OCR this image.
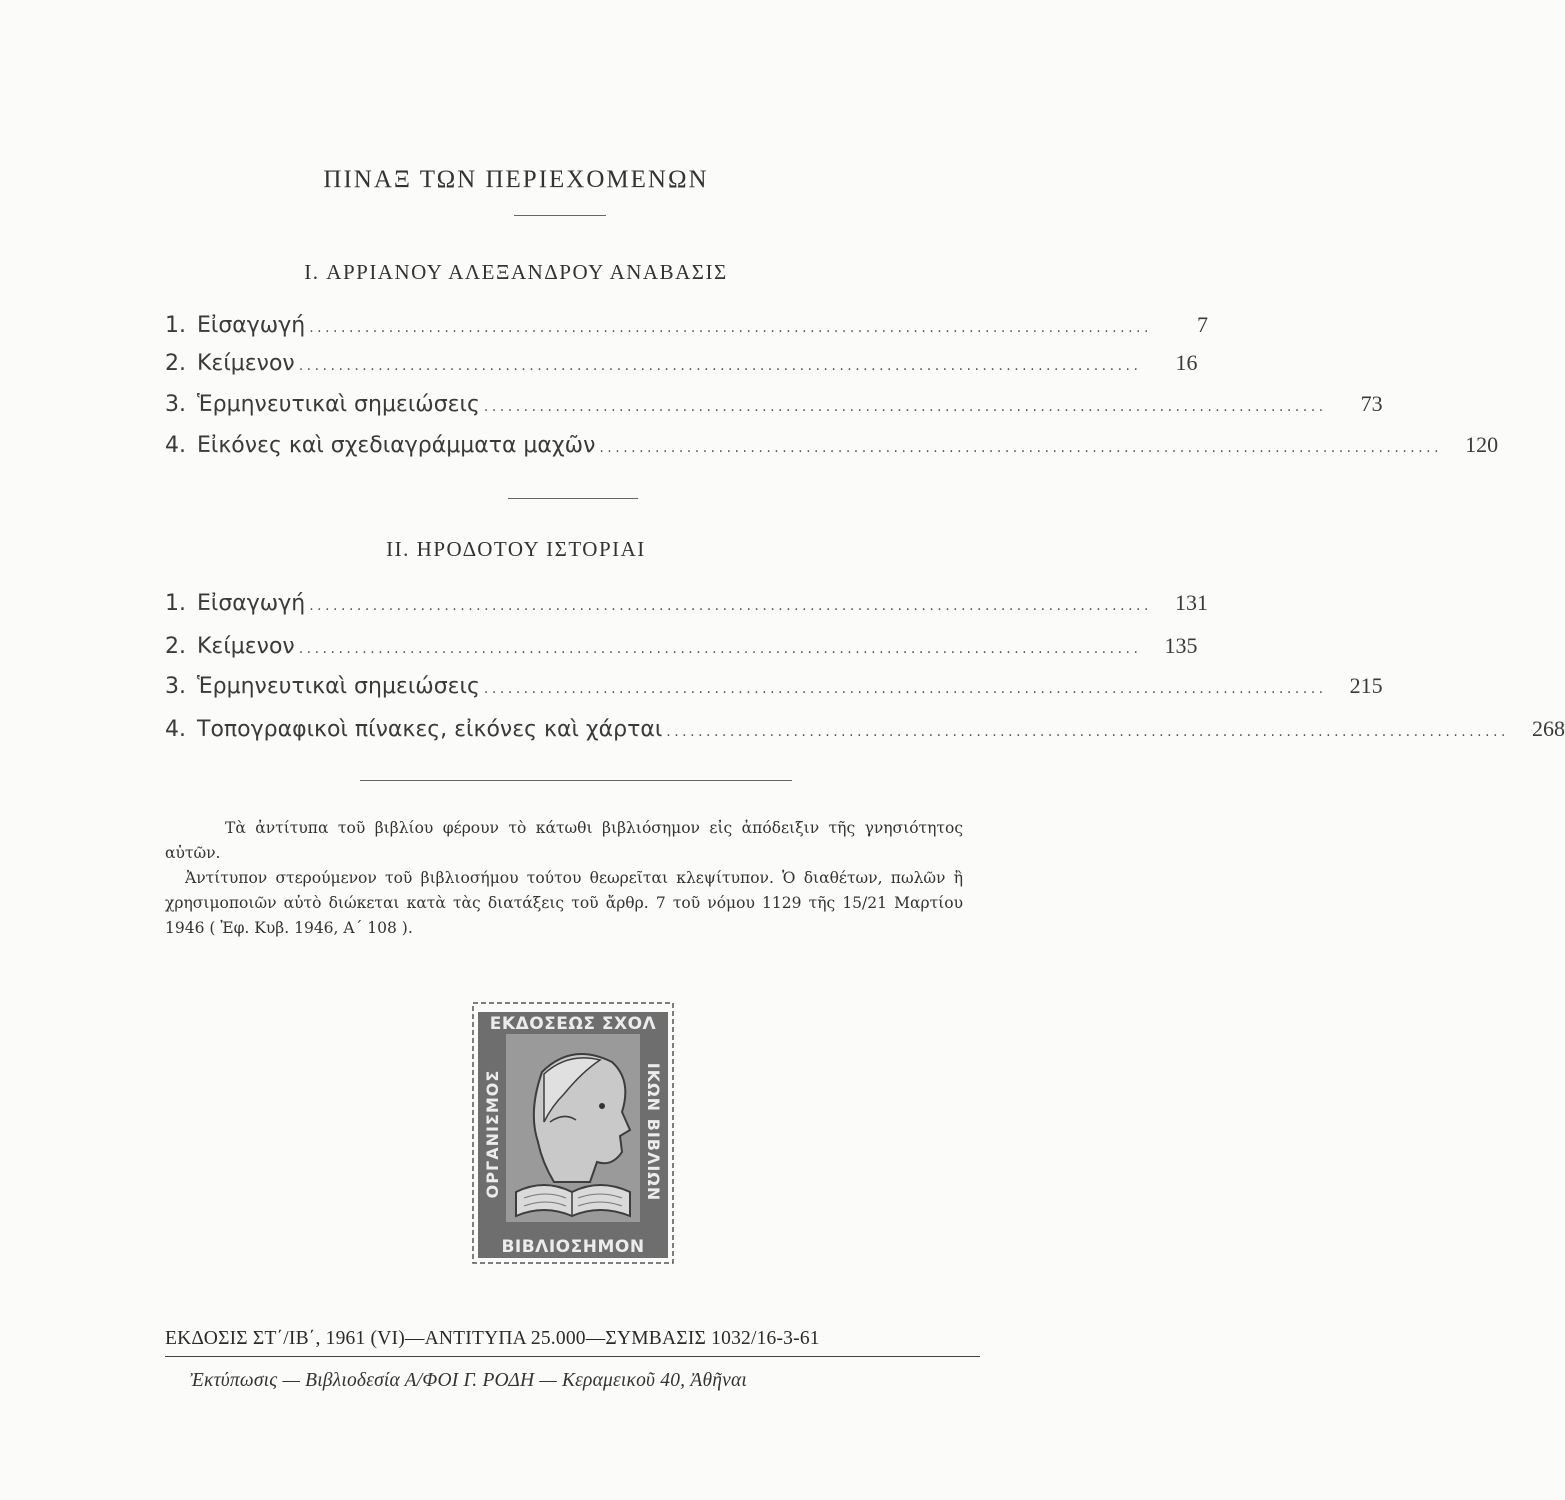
ΠΙΝΑΞ ΤΩΝ ΠΕΡΙΕΧΟΜΕΝΩΝ
I. ΑΡΡΙΑΝΟΥ ΑΛΕΞΑΝΔΡΟΥ ΑΝΑΒΑΣΙΣ
1. Εἰσαγωγή ..........................................................................................................	7
2. Κείμενον ..........................................................................................................	16
3. Ἑρμηνευτικαὶ σημειώσεις ..........................................................................................................	73
4. Εἰκόνες καὶ σχεδιαγράμματα μαχῶν ..........................................................................................................	120
II. ΗΡΟΔΟΤΟΥ ΙΣΤΟΡΙΑΙ
1. Εἰσαγωγή ..........................................................................................................	131
2. Κείμενον ..........................................................................................................	135
3. Ἑρμηνευτικαὶ σημειώσεις ..........................................................................................................	215
4. Τοπογραφικοὶ πίνακες, εἰκόνες καὶ χάρται ..........................................................................................................	268

Τὰ ἀντίτυπα τοῦ βιβλίου φέρουν τὸ κάτωθι βιβλιόσημον εἰς ἀπόδειξιν τῆς γνησιότητος αὐτῶν.

Ἀντίτυπον στερούμενον τοῦ βιβλιοσήμου τούτου θεωρεῖται κλεψίτυπον. Ὁ διαθέτων, πωλῶν ἢ χρησιμοποιῶν αὐτὸ διώκεται κατὰ τὰς διατάξεις τοῦ ἄρθρ. 7 τοῦ νόμου 1129 τῆς 15/21 Μαρτίου 1946 ( Ἐφ. Κυβ. 1946, Α΄ 108 ).

ΕΚΔΟΣΕΩΣ ΣΧΟΛ
ΒΙΒΛΙΟΣΗΜΟΝ
ΟΡΓΑΝΙΣΜΟΣ	ΙΚΩΝ ΒΙΒΛΙΩΝ
ΕΚΔΟΣΙΣ ΣΤ΄/ΙΒ΄, 1961 (VI)—ΑΝΤΙΤΥΠΑ 25.000—ΣΥΜΒΑΣΙΣ 1032/16-3-61
Ἐκτύπωσις — Βιβλιοδεσία Α/ΦΟΙ Γ. ΡΟΔΗ — Κεραμεικοῦ 40, Ἀθῆναι
